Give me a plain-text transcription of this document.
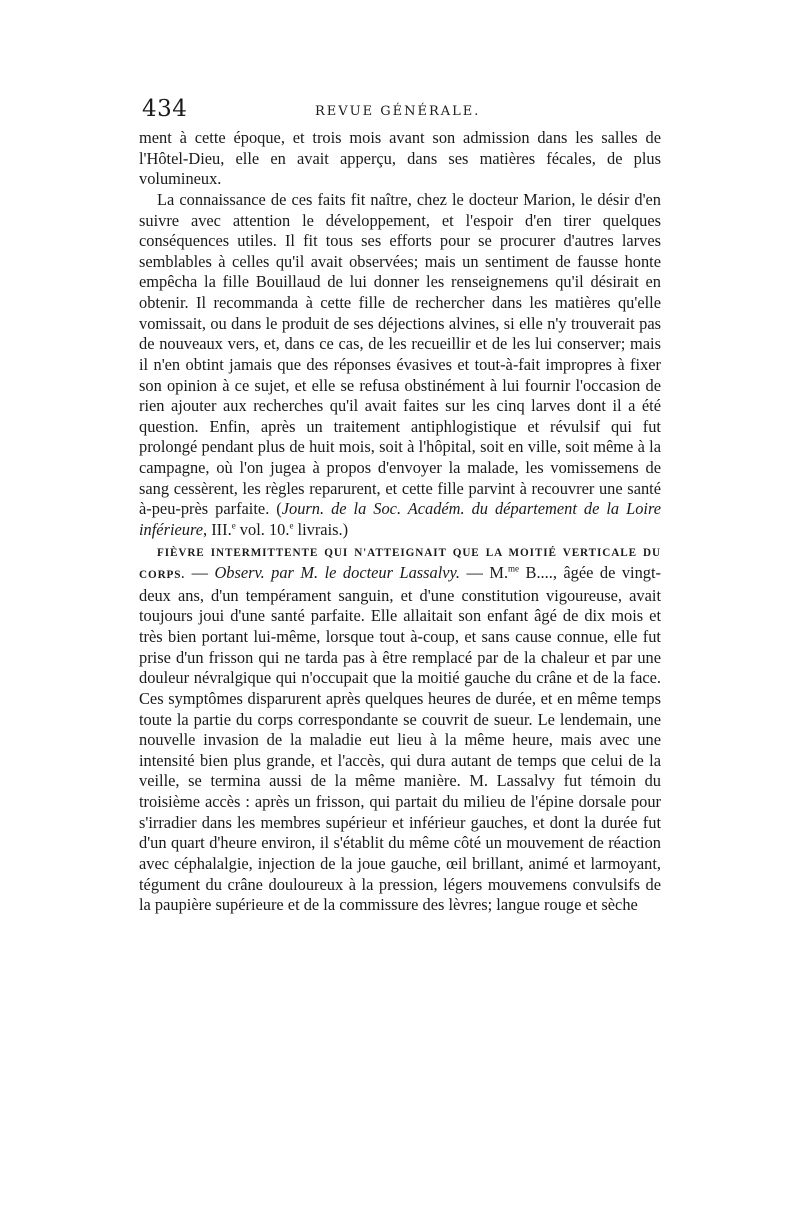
434	REVUE GÉNÉRALE.

ment à cette époque, et trois mois avant son admission dans les salles de l'Hôtel-Dieu, elle en avait apperçu, dans ses matières fécales, de plus volumineux.

La connaissance de ces faits fit naître, chez le docteur Marion, le désir d'en suivre avec attention le développement, et l'espoir d'en tirer quelques conséquences utiles. Il fit tous ses efforts pour se procurer d'autres larves semblables à celles qu'il avait observées; mais un sentiment de fausse honte empêcha la fille Bouillaud de lui donner les renseignemens qu'il désirait en obtenir. Il recommanda à cette fille de rechercher dans les matières qu'elle vomissait, ou dans le produit de ses déjections alvines, si elle n'y trouverait pas de nouveaux vers, et, dans ce cas, de les recueillir et de les lui conserver; mais il n'en obtint jamais que des réponses évasives et tout-à-fait impropres à fixer son opinion à ce sujet, et elle se refusa obstinément à lui fournir l'occasion de rien ajouter aux recherches qu'il avait faites sur les cinq larves dont il a été question. Enfin, après un traitement antiphlogistique et révulsif qui fut prolongé pendant plus de huit mois, soit à l'hôpital, soit en ville, soit même à la campagne, où l'on jugea à propos d'envoyer la malade, les vomissemens de sang cessèrent, les règles reparurent, et cette fille parvint à recouvrer une santé à-peu-près parfaite. (Journ. de la Soc. Académ. du département de la Loire inférieure, III.$^e$ vol. 10.$^e$ livrais.)

FIÈVRE INTERMITTENTE QUI N'ATTEIGNAIT QUE LA MOITIÉ VERTICALE DU CORPS. — Observ. par M. le docteur Lassalvy. — M.$^{me}$ B...., âgée de vingt-deux ans, d'un tempérament sanguin, et d'une constitution vigoureuse, avait toujours joui d'une santé parfaite. Elle allaitait son enfant âgé de dix mois et très bien portant lui-même, lorsque tout à-coup, et sans cause connue, elle fut prise d'un frisson qui ne tarda pas à être remplacé par de la chaleur et par une douleur névralgique qui n'occupait que la moitié gauche du crâne et de la face. Ces symptômes disparurent après quelques heures de durée, et en même temps toute la partie du corps correspondante se couvrit de sueur. Le lendemain, une nouvelle invasion de la maladie eut lieu à la même heure, mais avec une intensité bien plus grande, et l'accès, qui dura autant de temps que celui de la veille, se termina aussi de la même manière. M. Lassalvy fut témoin du troisième accès : après un frisson, qui partait du milieu de l'épine dorsale pour s'irradier dans les membres supérieur et inférieur gauches, et dont la durée fut d'un quart d'heure environ, il s'établit du même côté un mouvement de réaction avec céphalalgie, injection de la joue gauche, œil brillant, animé et larmoyant, tégument du crâne douloureux à la pression, légers mouvemens convulsifs de la paupière supérieure et de la commissure des lèvres; langue rouge et sèche
